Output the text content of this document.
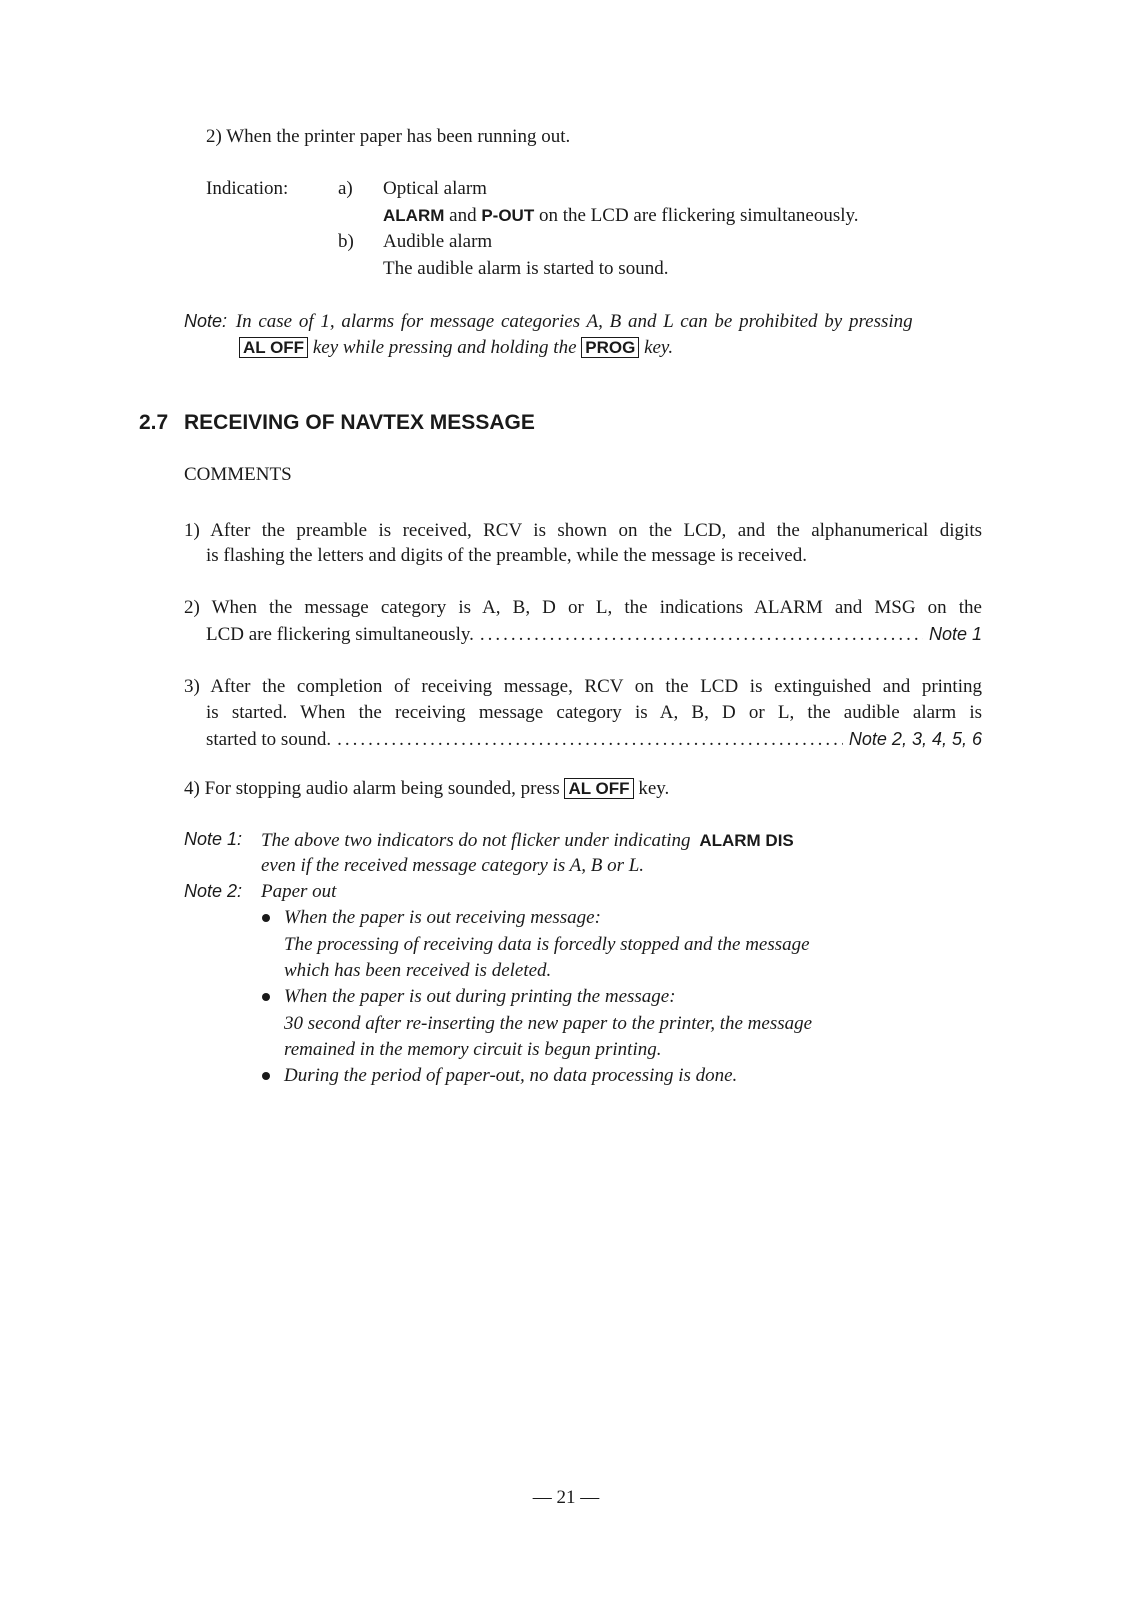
2) When the printer paper has been running out.
Indication:	a) Optical alarm
ALARM and P-OUT on the LCD are flickering simultaneously.
b) Audible alarm
The audible alarm is started to sound.
Note: In case of 1, alarms for message categories A, B and L can be prohibited by pressing
AL OFF key while pressing and holding the PROG key.
2.7 RECEIVING OF NAVTEX MESSAGE
COMMENTS
1) After the preamble is received, RCV is shown on the LCD, and the alphanumerical digits
is flashing the letters and digits of the preamble, while the message is received.
2) When the message category is A, B, D or L, the indications ALARM and MSG on the
LCD are flickering simultaneously. .....	Note 1
3) After the completion of receiving message, RCV on the LCD is extinguished and printing
is started. When the receiving message category is A, B, D or L, the audible alarm is
started to sound. .....	Note 2, 3, 4, 5, 6
4) For stopping audio alarm being sounded, press AL OFF key.
Note 1: The above two indicators do not flicker under indicating ALARM DIS
even if the received message category is A, B or L.
Note 2: Paper out
When the paper is out receiving message:
The processing of receiving data is forcedly stopped and the message
which has been received is deleted.
When the paper is out during printing the message:
30 second after re-inserting the new paper to the printer, the message
remained in the memory circuit is begun printing.
During the period of paper-out, no data processing is done.
— 21 —
